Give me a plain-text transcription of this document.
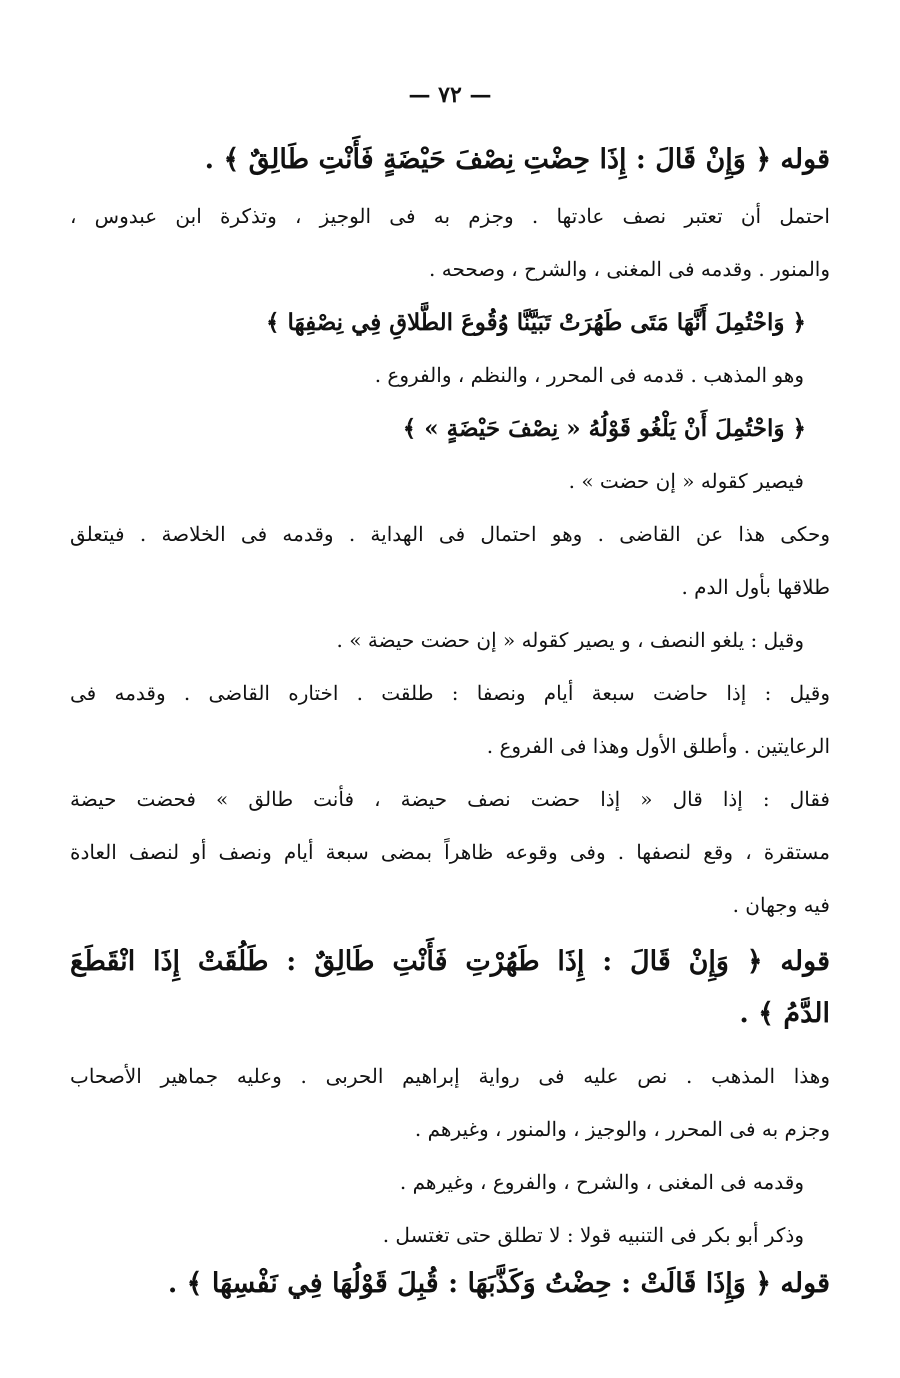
— ٧٢ —
قوله ﴿ وَإِنْ قَالَ : إِذَا حِضْتِ نِصْفَ حَيْضَةٍ فَأَنْتِ طَالِقٌ ﴾ .
احتمل أن تعتبر نصف عادتها . وجزم به فى الوجيز ، وتذكرة ابن عبدوس ،
والمنور . وقدمه فى المغنى ، والشرح ، وصححه .
﴿ وَاحْتُمِلَ أَنَّهَا مَتَى طَهُرَتْ تَبَيَّنَّا وُقُوعَ الطَّلاقِ فِي نِصْفِهَا ﴾
وهو المذهب . قدمه فى المحرر ، والنظم ، والفروع .
﴿ وَاحْتُمِلَ أَنْ يَلْغُو قَوْلُهُ « نِصْفَ حَيْضَةٍ » ﴾
فيصير كقوله « إن حضت » .
وحكى هذا عن القاضى . وهو احتمال فى الهداية . وقدمه فى الخلاصة . فيتعلق
طلاقها بأول الدم .
وقيل : يلغو النصف ، و يصير كقوله « إن حضت حيضة » .
وقيل : إذا حاضت سبعة أيام ونصفا : طلقت . اختاره القاضى . وقدمه فى
الرعايتين . وأطلق الأول وهذا فى الفروع .
فقال : إذا قال « إذا حضت نصف حيضة ، فأنت طالق » فحضت حيضة
مستقرة ، وقع لنصفها . وفى وقوعه ظاهراً بمضى سبعة أيام ونصف أو لنصف العادة
فيه وجهان .
قوله ﴿ وَإِنْ قَالَ : إِذَا طَهُرْتِ فَأَنْتِ طَالِقٌ : طَلُقَتْ إِذَا انْقَطَعَ
الدَّمُ ﴾ .
وهذا المذهب . نص عليه فى رواية إبراهيم الحربى . وعليه جماهير الأصحاب
وجزم به فى المحرر ، والوجيز ، والمنور ، وغيرهم .
وقدمه فى المغنى ، والشرح ، والفروع ، وغيرهم .
وذكر أبو بكر فى التنبيه قولا : لا تطلق حتى تغتسل .
قوله ﴿ وَإِذَا قَالَتْ : حِضْتُ وَكَذَّبَهَا : قُبِلَ قَوْلُهَا فِي نَفْسِهَا ﴾ .
